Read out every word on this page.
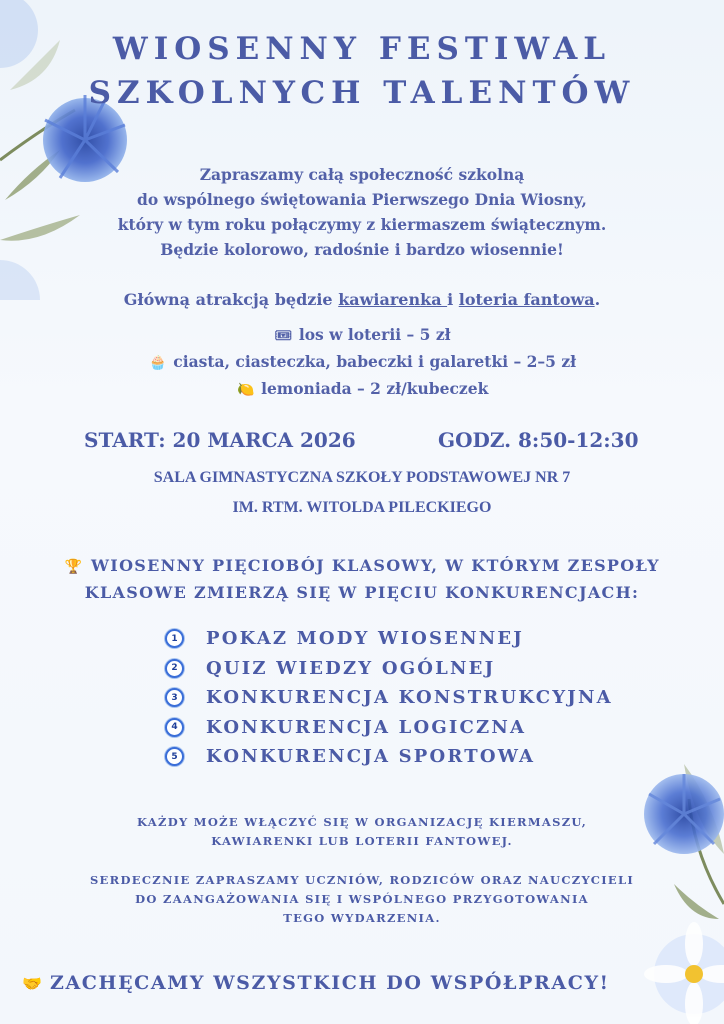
WIOSENNY FESTIWAL
SZKOLNYCH TALENTÓW
Zapraszamy całą społeczność szkolną
do wspólnego świętowania Pierwszego Dnia Wiosny,
który w tym roku połączymy z kiermaszem świątecznym.
Będzie kolorowo, radośnie i bardzo wiosennie!
Główną atrakcją będzie kawiarenka i loteria fantowa.
🎟 los w loterii – 5 zł
🧁 ciasta, ciasteczka, babeczki i galaretki – 2–5 zł
🍋 lemoniada – 2 zł/kubeczek
START: 20 MARCA 2026	GODZ. 8:50-12:30
SALA GIMNASTYCZNA SZKOŁY PODSTAWOWEJ NR 7
IM. RTM. WITOLDA PILECKIEGO
🏆 WIOSENNY PIĘCIOBÓJ KLASOWY, W KTÓRYM ZESPOŁY
KLASOWE ZMIERZĄ SIĘ W PIĘCIU KONKURENCJACH:
1	POKAZ MODY WIOSENNEJ
2	QUIZ WIEDZY OGÓLNEJ
3	KONKURENCJA KONSTRUKCYJNA
4	KONKURENCJA LOGICZNA
5	KONKURENCJA SPORTOWA
KAŻDY MOŻE WŁĄCZYĆ SIĘ W ORGANIZACJĘ KIERMASZU,
KAWIARENKI LUB LOTERII FANTOWEJ.
SERDECZNIE ZAPRASZAMY UCZNIÓW, RODZICÓW ORAZ NAUCZYCIELI
DO ZAANGAŻOWANIA SIĘ I WSPÓLNEGO PRZYGOTOWANIA
TEGO WYDARZENIA.
🤝 ZACHĘCAMY WSZYSTKICH DO WSPÓŁPRACY!
